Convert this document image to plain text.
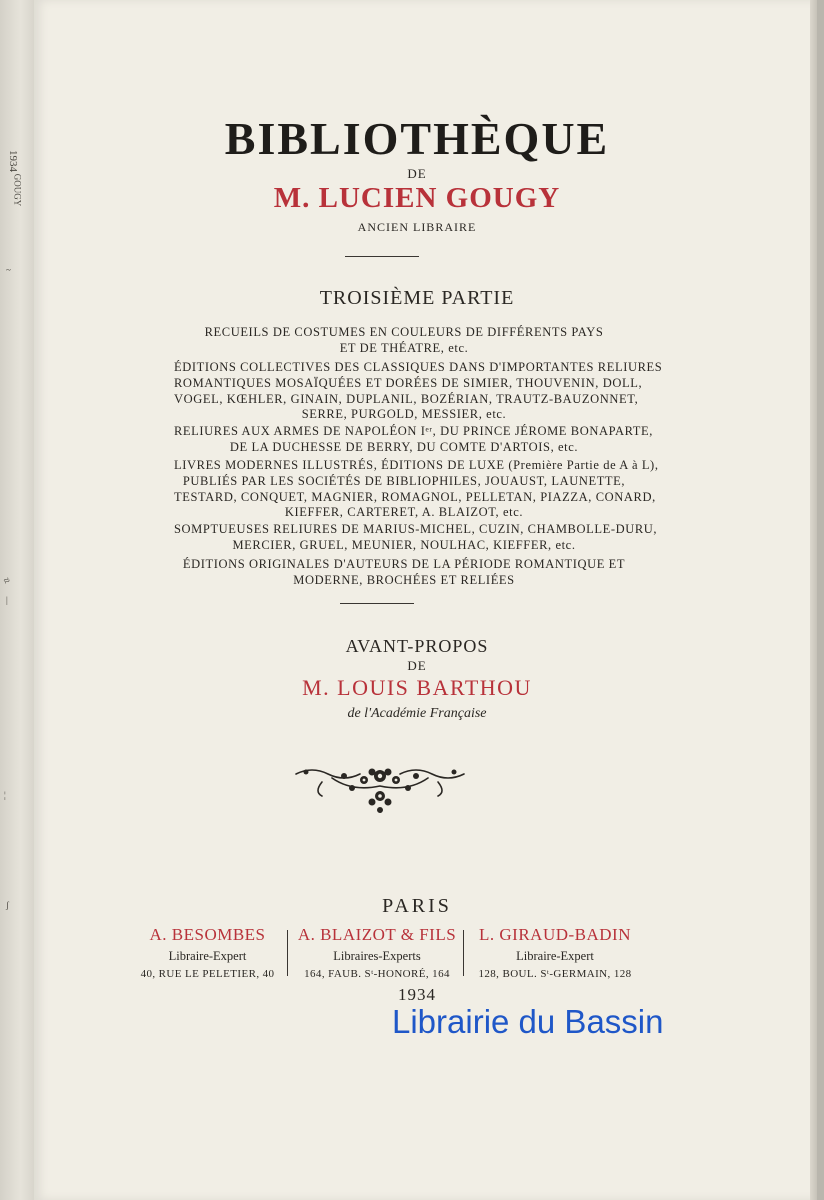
1934
GOUGY
~
≈
|
¦
ʃ
BIBLIOTHÈQUE
DE
M. LUCIEN GOUGY
ANCIEN LIBRAIRE
TROISIÈME PARTIE
RECUEILS DE COSTUMES EN COULEURS DE DIFFÉRENTS PAYS
ET DE THÉATRE, etc.
ÉDITIONS COLLECTIVES DES CLASSIQUES DANS D'IMPORTANTES RELIURES
ROMANTIQUES MOSAÏQUÉES ET DORÉES DE SIMIER, THOUVENIN, DOLL,
VOGEL, KŒHLER, GINAIN, DUPLANIL, BOZÉRIAN, TRAUTZ-BAUZONNET,
SERRE, PURGOLD, MESSIER, etc.
RELIURES AUX ARMES DE NAPOLÉON Iᵉʳ, DU PRINCE JÉROME BONAPARTE,
DE LA DUCHESSE DE BERRY, DU COMTE D'ARTOIS, etc.
LIVRES MODERNES ILLUSTRÉS, ÉDITIONS DE LUXE (Première Partie de A à L),
PUBLIÉS PAR LES SOCIÉTÉS DE BIBLIOPHILES, JOUAUST, LAUNETTE,
TESTARD, CONQUET, MAGNIER, ROMAGNOL, PELLETAN, PIAZZA, CONARD,
KIEFFER, CARTERET, A. BLAIZOT, etc.
SOMPTUEUSES RELIURES DE MARIUS-MICHEL, CUZIN, CHAMBOLLE-DURU,
MERCIER, GRUEL, MEUNIER, NOULHAC, KIEFFER, etc.
ÉDITIONS ORIGINALES D'AUTEURS DE LA PÉRIODE ROMANTIQUE ET
MODERNE, BROCHÉES ET RELIÉES
AVANT-PROPOS
DE
M. LOUIS BARTHOU
de l'Académie Française
PARIS
A. BESOMBES
Libraire-Expert
40, RUE LE PELETIER, 40
A. BLAIZOT & FILS
Libraires-Experts
164, FAUB. Sᵗ-HONORÉ, 164
L. GIRAUD-BADIN
Libraire-Expert
128, BOUL. Sᵗ-GERMAIN, 128
1934
Librairie du Bassin
